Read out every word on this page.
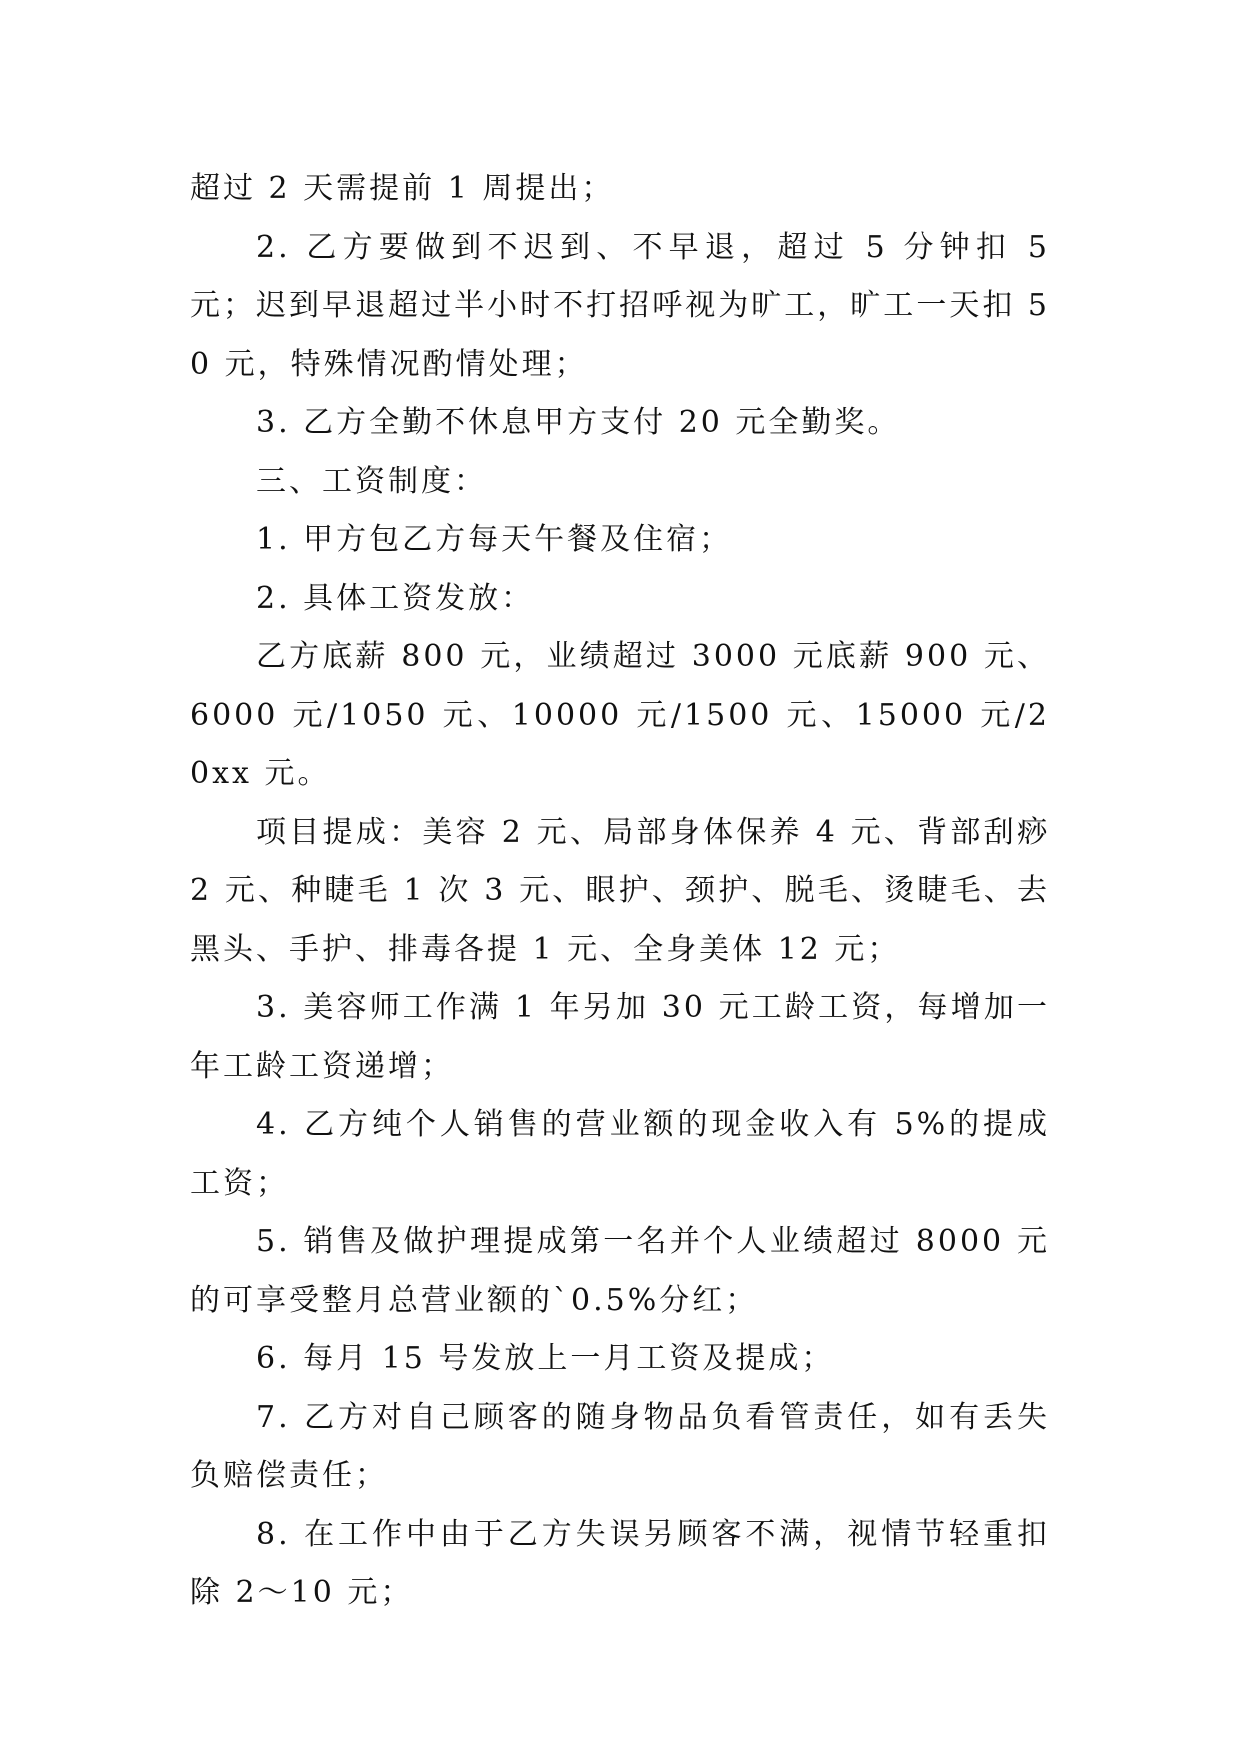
超过 2 天需提前 1 周提出；

2. 乙方要做到不迟到、不早退，超过 5 分钟扣 5 元；迟到早退超过半小时不打招呼视为旷工，旷工一天扣 50 元，特殊情况酌情处理；

3. 乙方全勤不休息甲方支付 20 元全勤奖。

三、工资制度：

1. 甲方包乙方每天午餐及住宿；

2. 具体工资发放：

乙方底薪 800 元，业绩超过 3000 元底薪 900 元、6000 元/1050 元、10000 元/1500 元、15000 元/20xx 元。

项目提成：美容 2 元、局部身体保养 4 元、背部刮痧 2 元、种睫毛 1 次 3 元、眼护、颈护、脱毛、烫睫毛、去黑头、手护、排毒各提 1 元、全身美体 12 元；

3. 美容师工作满 1 年另加 30 元工龄工资，每增加一年工龄工资递增；

4. 乙方纯个人销售的营业额的现金收入有 5%的提成工资；

5. 销售及做护理提成第一名并个人业绩超过 8000 元的可享受整月总营业额的`0.5%分红；

6. 每月 15 号发放上一月工资及提成；

7. 乙方对自己顾客的随身物品负看管责任，如有丢失负赔偿责任；

8. 在工作中由于乙方失误另顾客不满，视情节轻重扣除 2～10 元；
